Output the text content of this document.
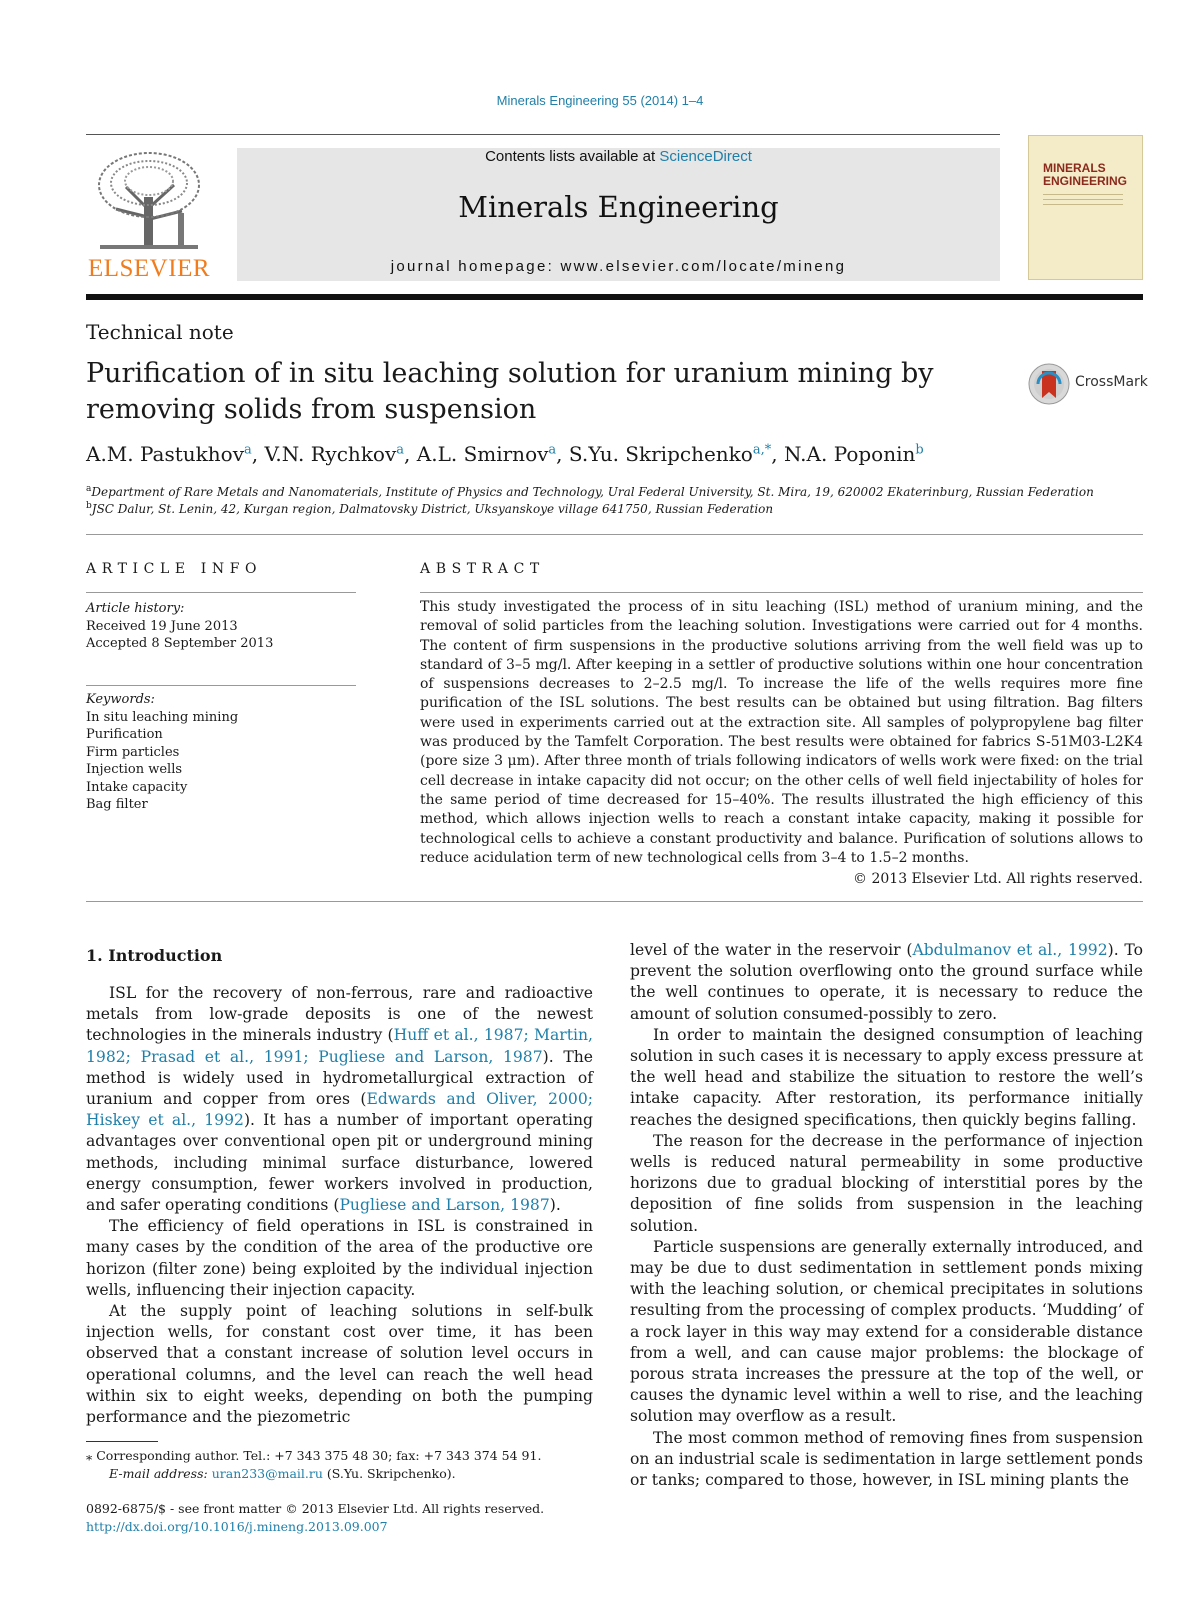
Minerals Engineering 55 (2014) 1–4
ELSEVIER
Contents lists available at ScienceDirect
Minerals Engineering
journal homepage: www.elsevier.com/locate/mineng
MINERALS
ENGINEERING
Technical note
Purification of in situ leaching solution for uranium mining by removing solids from suspension
CrossMark
A.M. Pastukhov$^a$, V.N. Rychkov$^a$, A.L. Smirnov$^a$, S.Yu. Skripchenko$^{a,*}$, N.A. Poponin$^b$
$^a$Department of Rare Metals and Nanomaterials, Institute of Physics and Technology, Ural Federal University, St. Mira, 19, 620002 Ekaterinburg, Russian Federation
$^b$JSC Dalur, St. Lenin, 42, Kurgan region, Dalmatovsky District, Uksyanskoye village 641750, Russian Federation
ARTICLE INFO
Article history:
Received 19 June 2013
Accepted 8 September 2013
Keywords:
In situ leaching mining
Purification
Firm particles
Injection wells
Intake capacity
Bag filter
ABSTRACT
This study investigated the process of in situ leaching (ISL) method of uranium mining, and the removal of solid particles from the leaching solution. Investigations were carried out for 4 months. The content of firm suspensions in the productive solutions arriving from the well field was up to standard of 3–5 mg/l. After keeping in a settler of productive solutions within one hour concentration of suspensions decreases to 2–2.5 mg/l. To increase the life of the wells requires more fine purification of the ISL solutions. The best results can be obtained but using filtration. Bag filters were used in experiments carried out at the extraction site. All samples of polypropylene bag filter was produced by the Tamfelt Corporation. The best results were obtained for fabrics S-51M03-L2K4 (pore size 3 μm). After three month of trials following indicators of wells work were fixed: on the trial cell decrease in intake capacity did not occur; on the other cells of well field injectability of holes for the same period of time decreased for 15–40%. The results illustrated the high efficiency of this method, which allows injection wells to reach a constant intake capacity, making it possible for technological cells to achieve a constant productivity and balance. Purification of solutions allows to reduce acidulation term of new technological cells from 3–4 to 1.5–2 months.
© 2013 Elsevier Ltd. All rights reserved.
1. Introduction

ISL for the recovery of non-ferrous, rare and radioactive metals from low-grade deposits is one of the newest technologies in the minerals industry (Huff et al., 1987; Martin, 1982; Prasad et al., 1991; Pugliese and Larson, 1987). The method is widely used in hydrometallurgical extraction of uranium and copper from ores (Edwards and Oliver, 2000; Hiskey et al., 1992). It has a number of important operating advantages over conventional open pit or underground mining methods, including minimal surface disturbance, lowered energy consumption, fewer workers involved in production, and safer operating conditions (Pugliese and Larson, 1987).

The efficiency of field operations in ISL is constrained in many cases by the condition of the area of the productive ore horizon (filter zone) being exploited by the individual injection wells, influencing their injection capacity.

At the supply point of leaching solutions in self-bulk injection wells, for constant cost over time, it has been observed that a constant increase of solution level occurs in operational columns, and the level can reach the well head within six to eight weeks, depending on both the pumping performance and the piezometric

level of the water in the reservoir (Abdulmanov et al., 1992). To prevent the solution overflowing onto the ground surface while the well continues to operate, it is necessary to reduce the amount of solution consumed-possibly to zero.

In order to maintain the designed consumption of leaching solution in such cases it is necessary to apply excess pressure at the well head and stabilize the situation to restore the well’s intake capacity. After restoration, its performance initially reaches the designed specifications, then quickly begins falling.

The reason for the decrease in the performance of injection wells is reduced natural permeability in some productive horizons due to gradual blocking of interstitial pores by the deposition of fine solids from suspension in the leaching solution.

Particle suspensions are generally externally introduced, and may be due to dust sedimentation in settlement ponds mixing with the leaching solution, or chemical precipitates in solutions resulting from the processing of complex products. ‘Mudding’ of a rock layer in this way may extend for a considerable distance from a well, and can cause major problems: the blockage of porous strata increases the pressure at the top of the well, or causes the dynamic level within a well to rise, and the leaching solution may overflow as a result.

The most common method of removing fines from suspension on an industrial scale is sedimentation in large settlement ponds or tanks; compared to those, however, in ISL mining plants the

⁎ Corresponding author. Tel.: +7 343 375 48 30; fax: +7 343 374 54 91.
E-mail address: uran233@mail.ru (S.Yu. Skripchenko).
0892-6875/$ - see front matter © 2013 Elsevier Ltd. All rights reserved.
http://dx.doi.org/10.1016/j.mineng.2013.09.007
